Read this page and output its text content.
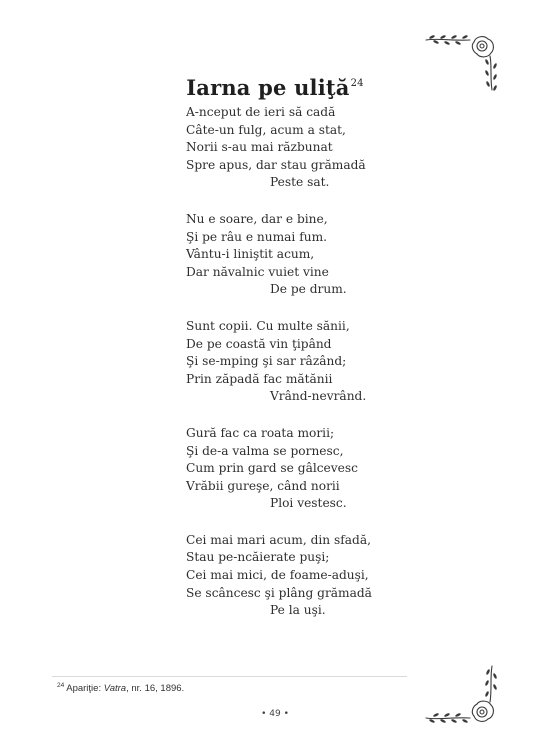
Iarna pe uliţă$^{24}$
A-nceput de ieri să cadă
Câte-un fulg, acum a stat,
Norii s-au mai răzbunat
Spre apus, dar stau grămadă
Peste sat.
Nu e soare, dar e bine,
Şi pe râu e numai fum.
Vântu-i liniştit acum,
Dar năvalnic vuiet vine
De pe drum.
Sunt copii. Cu multe sănii,
De pe coastă vin ţipând
Şi se-mping şi sar râzând;
Prin zăpadă fac mătănii
Vrând-nevrând.
Gură fac ca roata morii;
Şi de-a valma se pornesc,
Cum prin gard se gâlcevesc
Vrăbii gureşe, când norii
Ploi vestesc.
Cei mai mari acum, din sfadă,
Stau pe-ncăierate puşi;
Cei mai mici, de foame-aduşi,
Se scâncesc şi plâng grămadă
Pe la uşi.
$^{24}$ Apariţie: Vatra, nr. 16, 1896.
• 49 •
